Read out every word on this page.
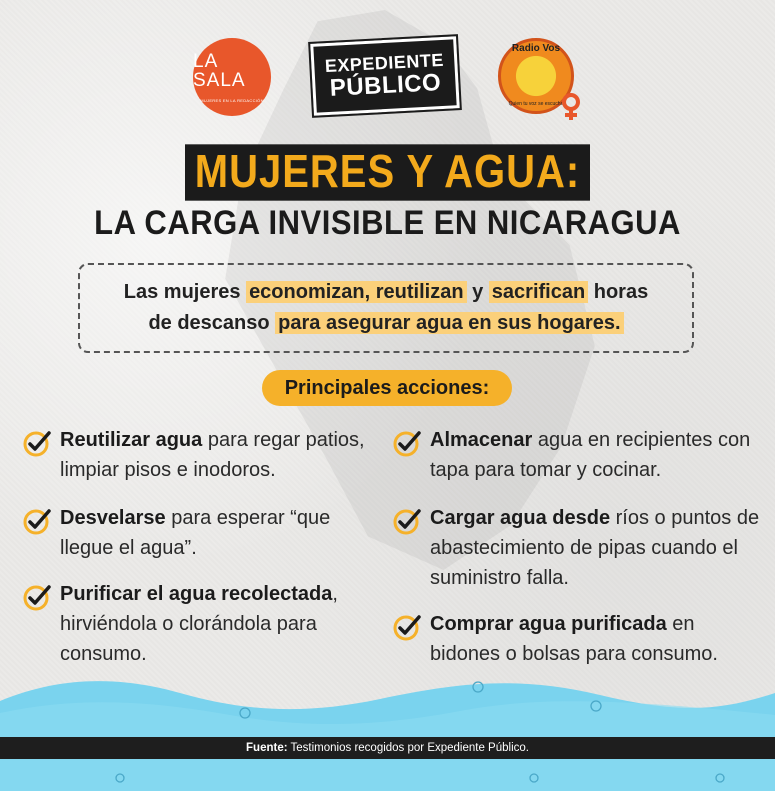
LA SALA
MUJERES EN LA REDACCIÓN
EXPEDIENTE
PÚBLICO
Radio Vos
Quien tu voz se escucha
MUJERES Y AGUA:
LA CARGA INVISIBLE EN NICARAGUA
Las mujeres economizan, reutilizan y sacrifican horas
de descanso para asegurar agua en sus hogares.
Principales acciones:
Reutilizar agua para regar patios, limpiar pisos e inodoros.
Desvelarse para esperar “que llegue el agua”.
Purificar el agua recolectada, hirviéndola o clorándola para consumo.
Almacenar agua en recipientes con tapa para tomar y cocinar.
Cargar agua desde ríos o puntos de abastecimiento de pipas cuando el suministro falla.
Comprar agua purificada en bidones o bolsas para consumo.
Fuente: Testimonios recogidos por Expediente Público.
